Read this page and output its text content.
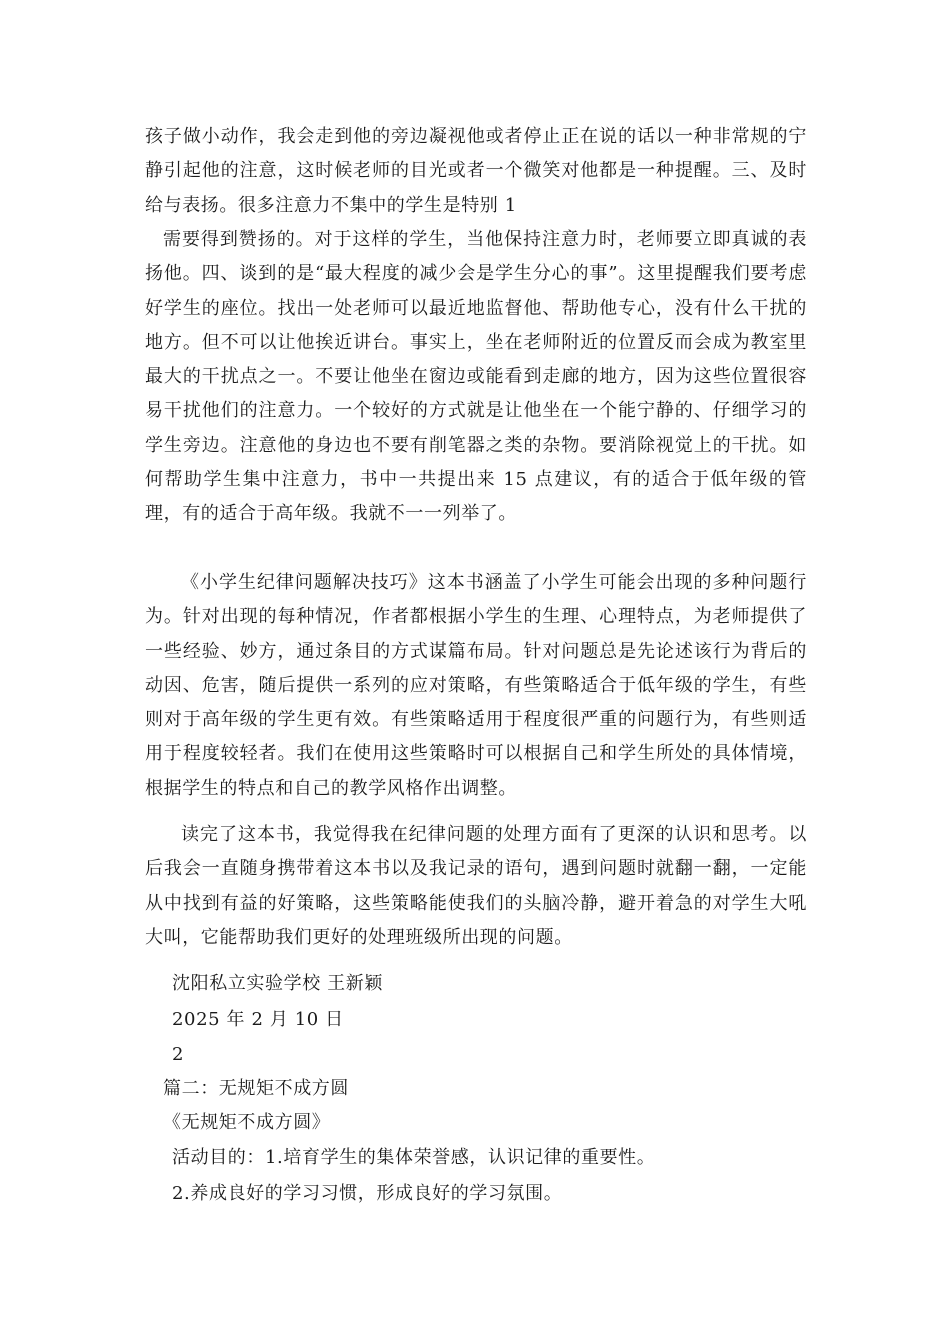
孩子做小动作，我会走到他的旁边凝视他或者停止正在说的话以一种非常规的宁静引起他的注意，这时候老师的目光或者一个微笑对他都是一种提醒。三、及时给与表扬。很多注意力不集中的学生是特别 1

需要得到赞扬的。对于这样的学生，当他保持注意力时，老师要立即真诚的表扬他。四、谈到的是“最大程度的减少会是学生分心的事”。这里提醒我们要考虑好学生的座位。找出一处老师可以最近地监督他、帮助他专心，没有什么干扰的地方。但不可以让他挨近讲台。事实上，坐在老师附近的位置反而会成为教室里最大的干扰点之一。不要让他坐在窗边或能看到走廊的地方，因为这些位置很容易干扰他们的注意力。一个较好的方式就是让他坐在一个能宁静的、仔细学习的学生旁边。注意他的身边也不要有削笔器之类的杂物。要消除视觉上的干扰。如何帮助学生集中注意力，书中一共提出来 15 点建议，有的适合于低年级的管理，有的适合于高年级。我就不一一列举了。

《小学生纪律问题解决技巧》这本书涵盖了小学生可能会出现的多种问题行为。针对出现的每种情况，作者都根据小学生的生理、心理特点，为老师提供了一些经验、妙方，通过条目的方式谋篇布局。针对问题总是先论述该行为背后的动因、危害，随后提供一系列的应对策略，有些策略适合于低年级的学生，有些则对于高年级的学生更有效。有些策略适用于程度很严重的问题行为，有些则适用于程度较轻者。我们在使用这些策略时可以根据自己和学生所处的具体情境，根据学生的特点和自己的教学风格作出调整。

读完了这本书，我觉得我在纪律问题的处理方面有了更深的认识和思考。以后我会一直随身携带着这本书以及我记录的语句，遇到问题时就翻一翻，一定能从中找到有益的好策略，这些策略能使我们的头脑冷静，避开着急的对学生大吼大叫，它能帮助我们更好的处理班级所出现的问题。

沈阳私立实验学校 王新颖

2025 年 2 月 10 日

2

篇二：无规矩不成方圆

《无规矩不成方圆》

活动目的：1.培育学生的集体荣誉感，认识记律的重要性。

2.养成良好的学习习惯，形成良好的学习氛围。
